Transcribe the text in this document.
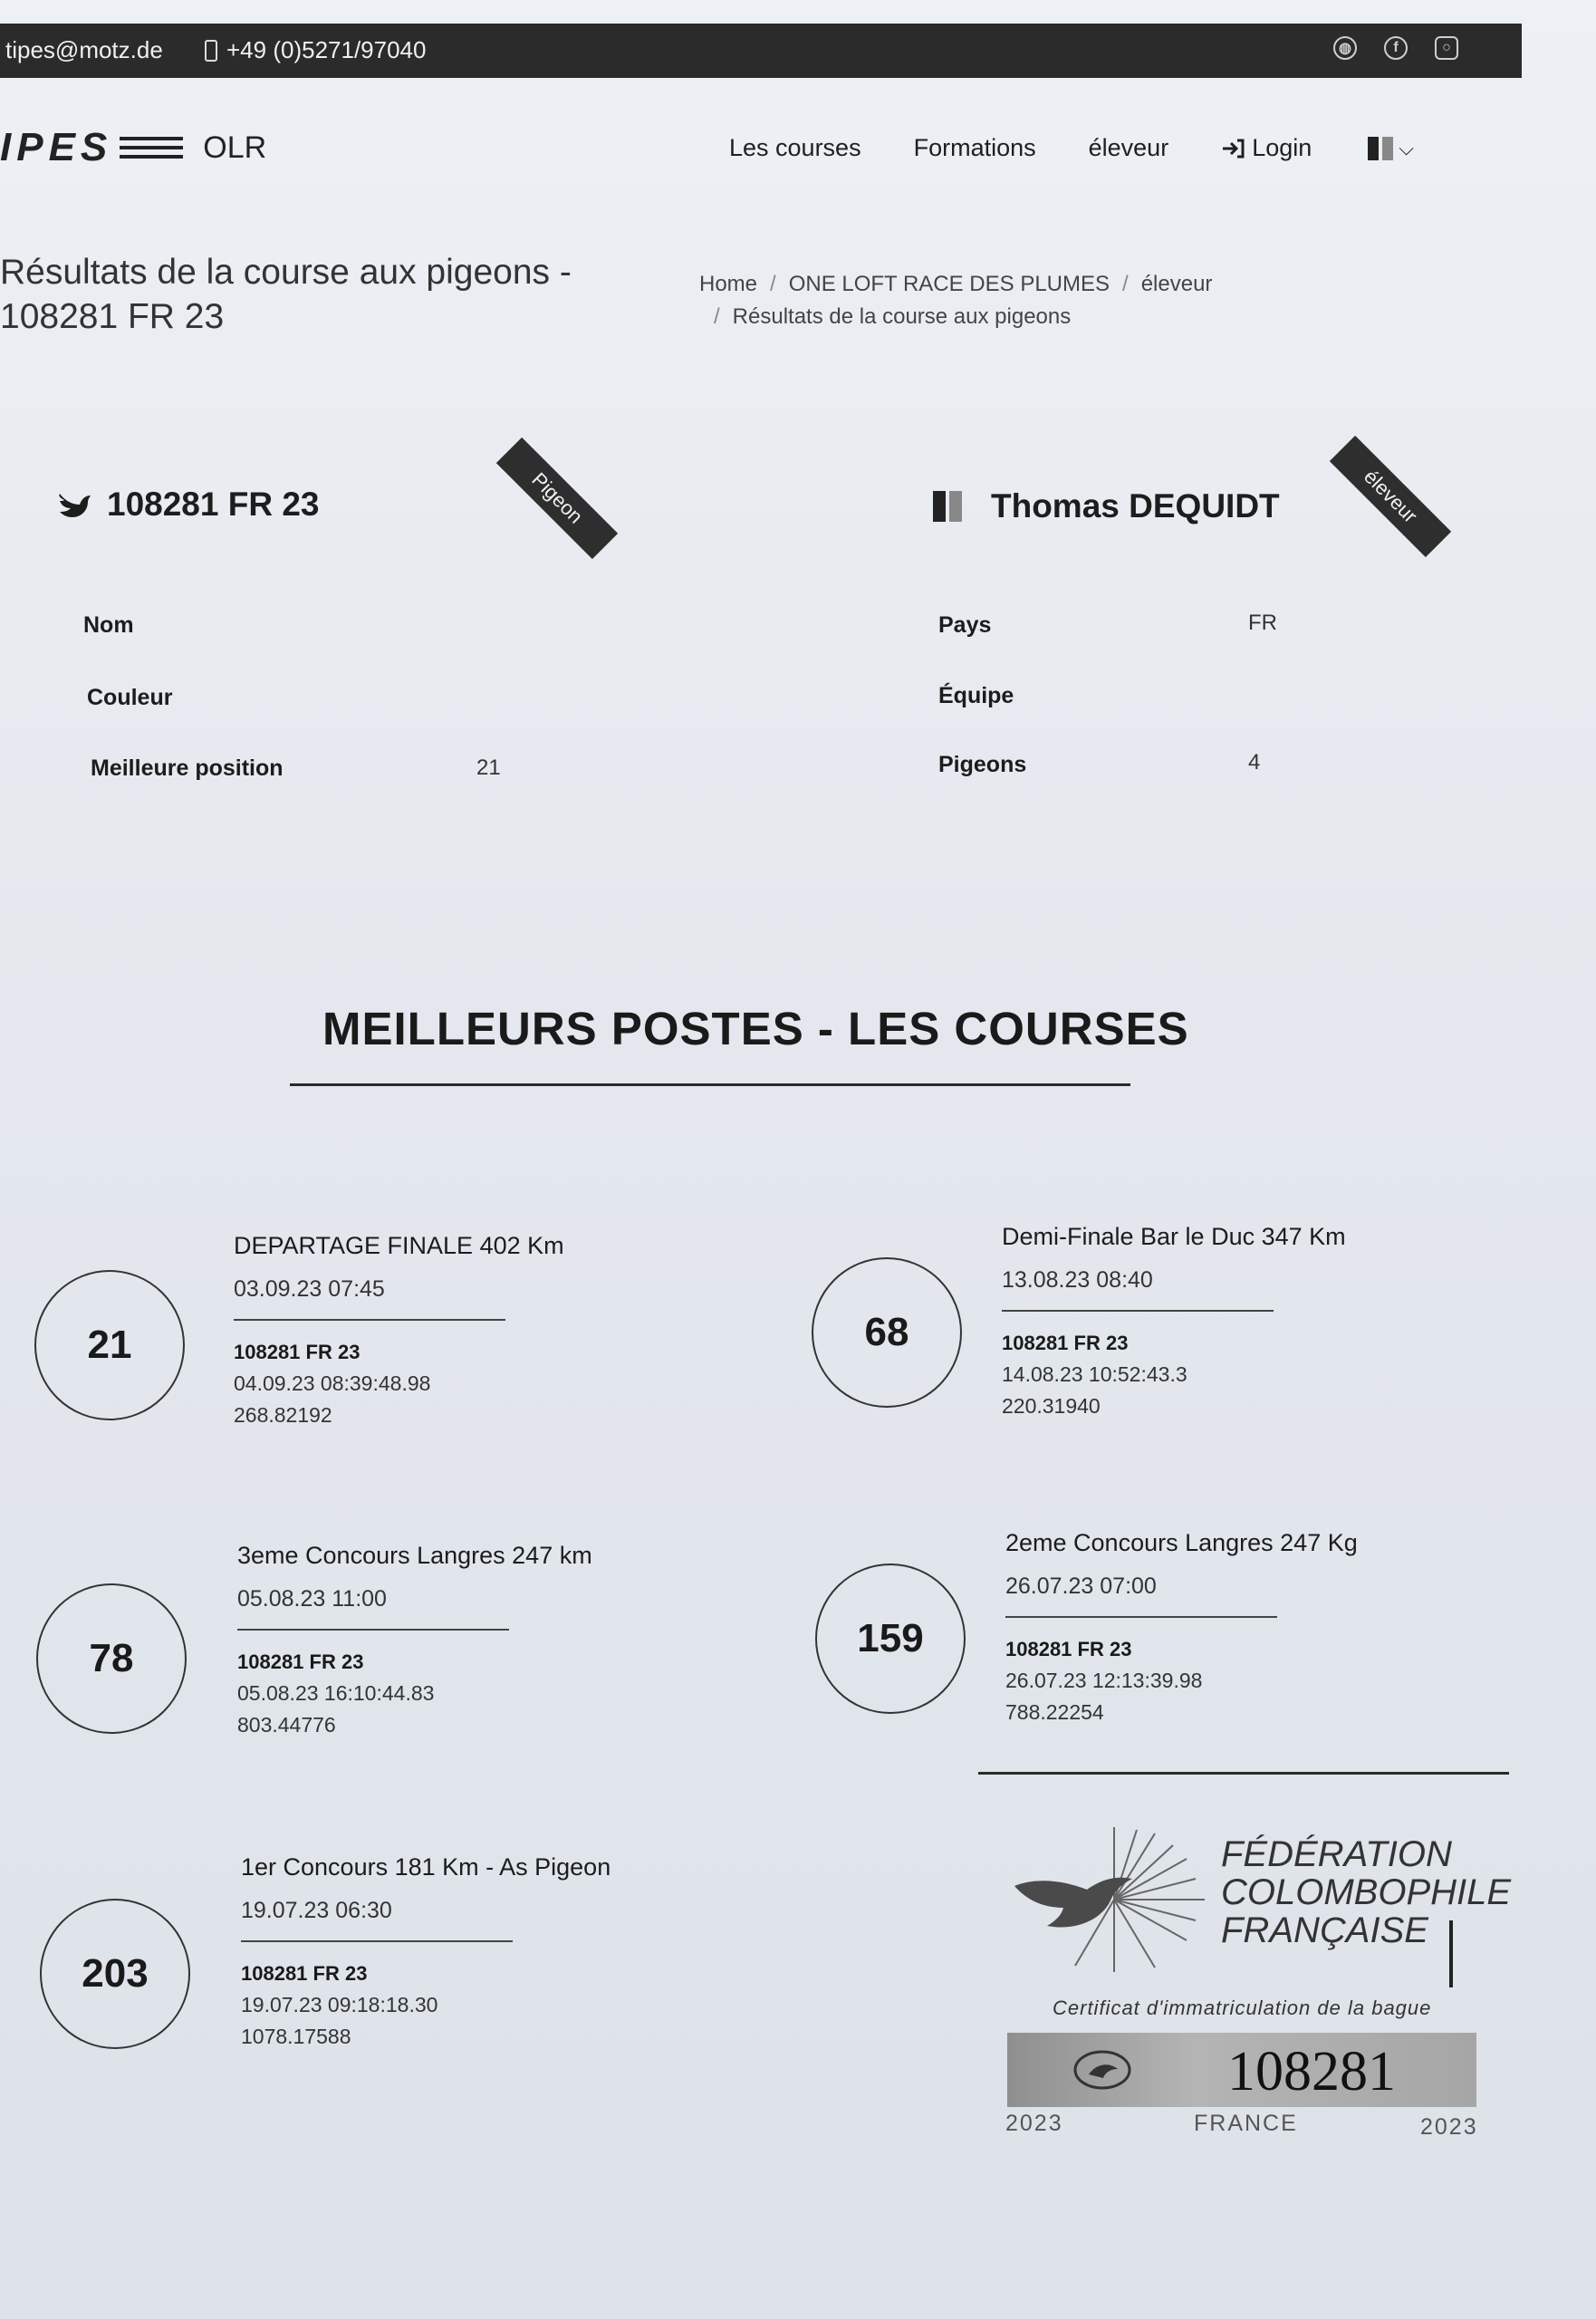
tipes@motz.de	+49 (0)5271/97040	◍	f	○
IPES	OLR	Les courses Formations éleveur	Login	⌵
Résultats de la course aux pigeons - 108281 FR 23
Home / ONE LOFT RACE DES PLUMES / éleveur
/ Résultats de la course aux pigeons
108281 FR 23	Pigeon
Nom
Couleur
Meilleure position	21
Thomas DEQUIDT	éleveur
Pays	FR
Équipe
Pigeons	4
MEILLEURS POSTES - LES COURSES
21
DEPARTAGE FINALE 402 Km
03.09.23 07:45
108281 FR 23
04.09.23 08:39:48.98
268.82192
68
Demi-Finale Bar le Duc 347 Km
13.08.23 08:40
108281 FR 23
14.08.23 10:52:43.3
220.31940
78
3eme Concours Langres 247 km
05.08.23 11:00
108281 FR 23
05.08.23 16:10:44.83
803.44776
159
2eme Concours Langres 247 Kg
26.07.23 07:00
108281 FR 23
26.07.23 12:13:39.98
788.22254
203
1er Concours 181 Km - As Pigeon
19.07.23 06:30
108281 FR 23
19.07.23 09:18:18.30
1078.17588
FÉDÉRATION
COLOMBOPHILE
FRANÇAISE
Certificat d'immatriculation de la bague
108281
2023	FRANCE	2023
